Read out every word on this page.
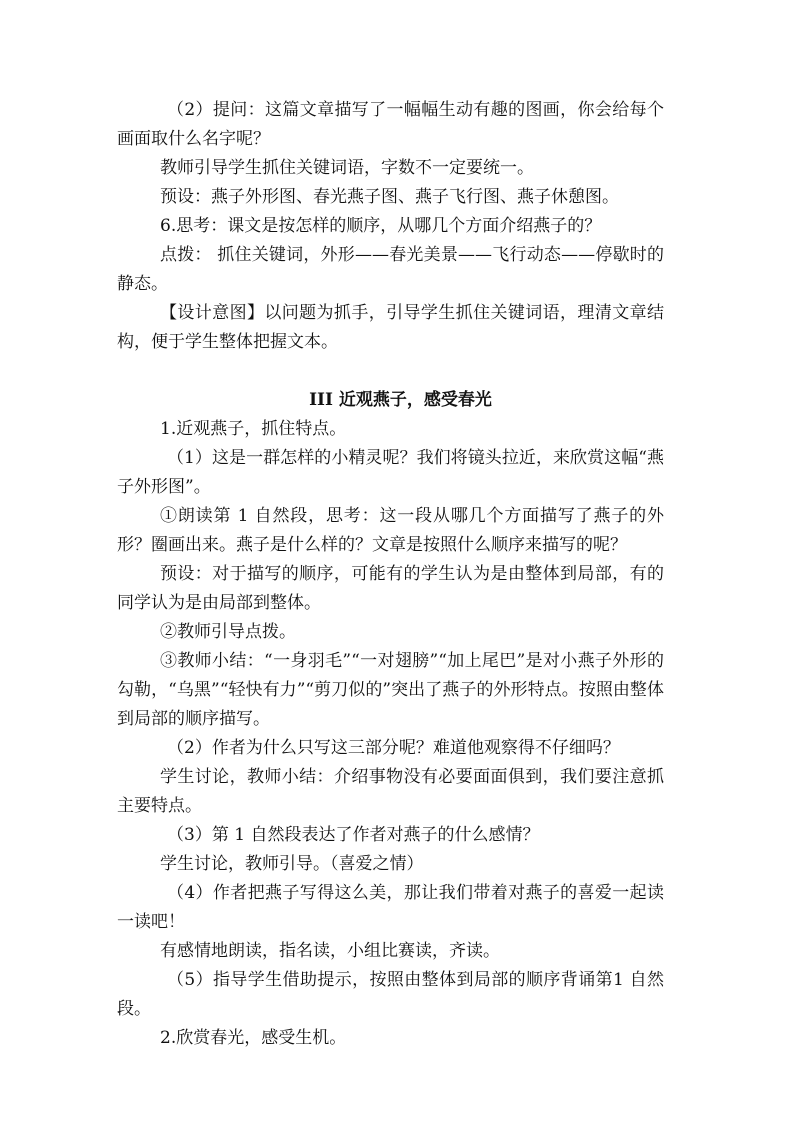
（2）提问：这篇文章描写了一幅幅生动有趣的图画，你会给每个画面取什么名字呢？

教师引导学生抓住关键词语，字数不一定要统一。

预设：燕子外形图、春光燕子图、燕子飞行图、燕子休憩图。

6.思考：课文是按怎样的顺序，从哪几个方面介绍燕子的？

点拨： 抓住关键词，外形——春光美景——飞行动态——停歇时的静态。

【设计意图】以问题为抓手，引导学生抓住关键词语，理清文章结构，便于学生整体把握文本。

III 近观燕子，感受春光

1.近观燕子，抓住特点。

（1）这是一群怎样的小精灵呢？我们将镜头拉近，来欣赏这幅“燕子外形图”。

①朗读第 1 自然段，思考：这一段从哪几个方面描写了燕子的外形？圈画出来。燕子是什么样的？文章是按照什么顺序来描写的呢？

预设：对于描写的顺序，可能有的学生认为是由整体到局部，有的同学认为是由局部到整体。

②教师引导点拨。

③教师小结：“一身羽毛”“一对翅膀”“加上尾巴”是对小燕子外形的勾勒，“乌黑”“轻快有力”“剪刀似的”突出了燕子的外形特点。按照由整体到局部的顺序描写。

（2）作者为什么只写这三部分呢？难道他观察得不仔细吗？

学生讨论，教师小结：介绍事物没有必要面面俱到，我们要注意抓主要特点。

（3）第 1 自然段表达了作者对燕子的什么感情？

学生讨论，教师引导。（喜爱之情）

（4）作者把燕子写得这么美，那让我们带着对燕子的喜爱一起读一读吧！

有感情地朗读，指名读，小组比赛读，齐读。

（5）指导学生借助提示，按照由整体到局部的顺序背诵第1 自然段。

2.欣赏春光，感受生机。
